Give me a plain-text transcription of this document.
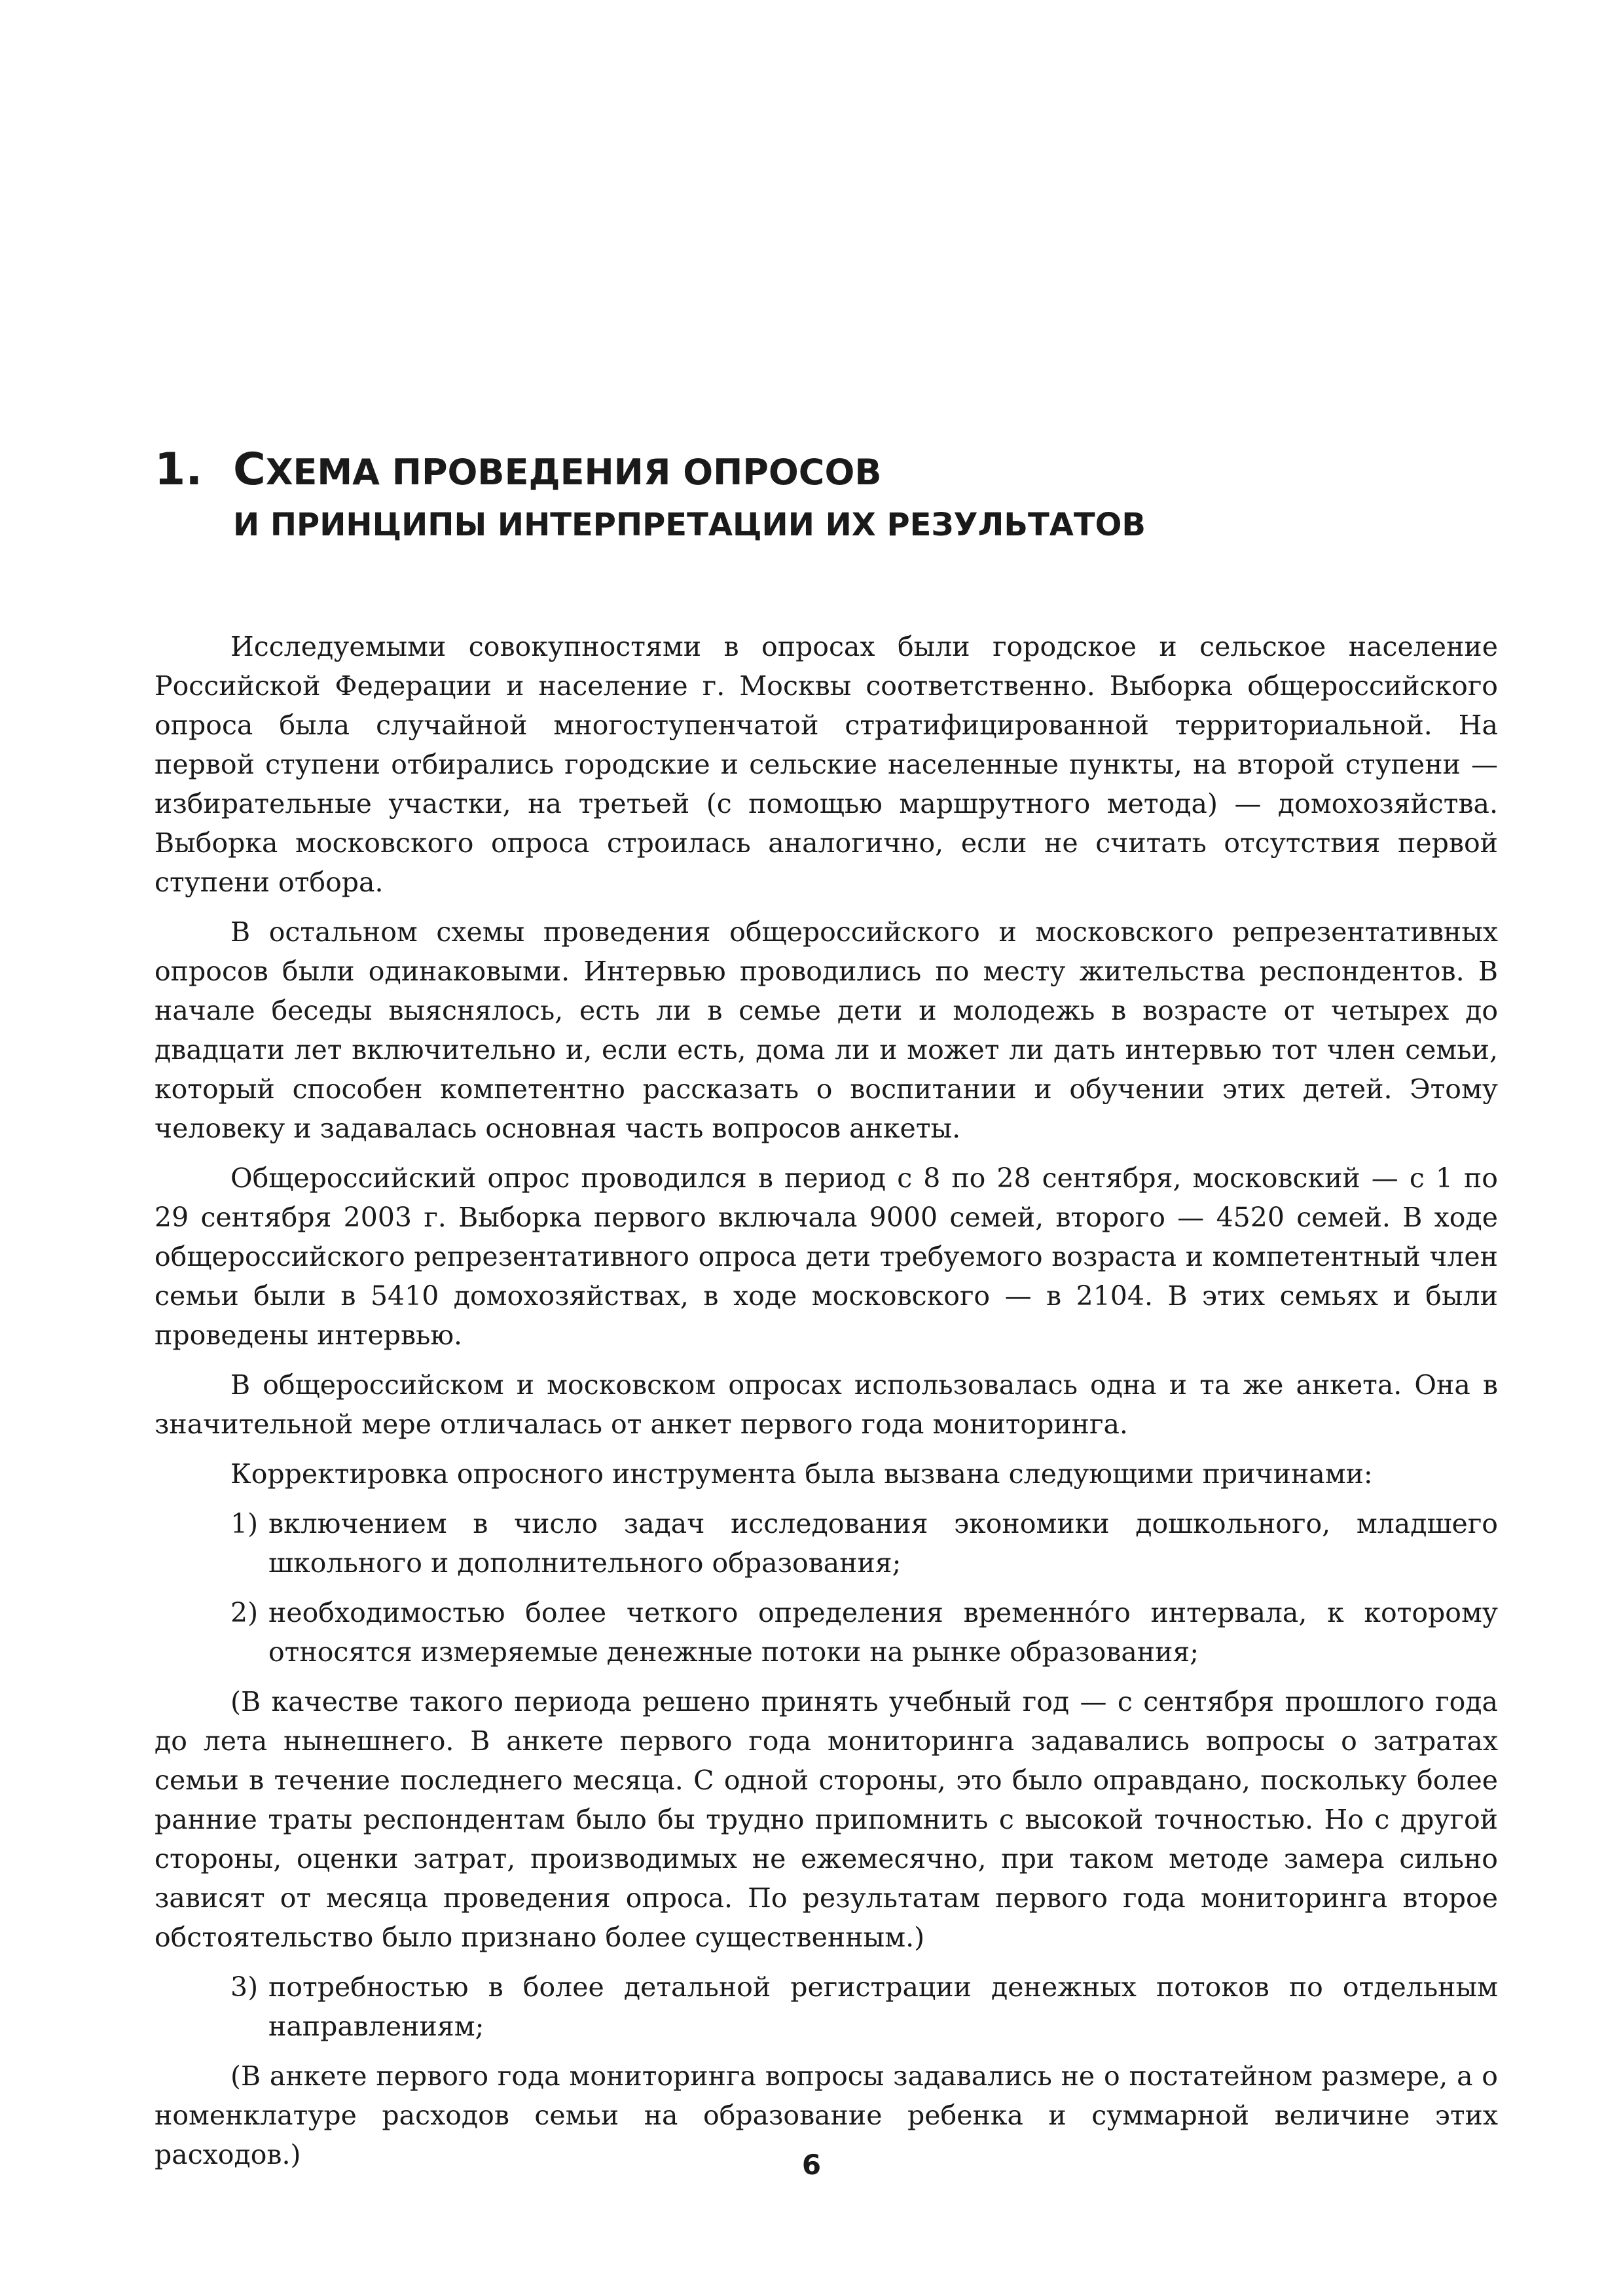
1. СХЕМА ПРОВЕДЕНИЯ ОПРОСОВ
И ПРИНЦИПЫ ИНТЕРПРЕТАЦИИ ИХ РЕЗУЛЬТАТОВ

Исследуемыми совокупностями в опросах были городское и сельское население Российской Федерации и население г. Москвы соответственно. Выборка общероссийского опроса была случайной многоступенчатой стратифицированной территориальной. На первой ступени отбирались городские и сельские населенные пункты, на второй ступени — избирательные участки, на третьей (с помощью маршрутного метода) — домохозяйства. Выборка московского опроса строилась аналогично, если не считать отсутствия первой ступени отбора.

В остальном схемы проведения общероссийского и московского репрезентативных опросов были одинаковыми. Интервью проводились по месту жительства респондентов. В начале беседы выяснялось, есть ли в семье дети и молодежь в возрасте от четырех до двадцати лет включительно и, если есть, дома ли и может ли дать интервью тот член семьи, который способен компетентно рассказать о воспитании и обучении этих детей. Этому человеку и задавалась основная часть вопросов анкеты.

Общероссийский опрос проводился в период с 8 по 28 сентября, московский — с 1 по 29 сентября 2003 г. Выборка первого включала 9000 семей, второго — 4520 семей. В ходе общероссийского репрезентативного опроса дети требуемого возраста и компетентный член семьи были в 5410 домохозяйствах, в ходе московского — в 2104. В этих семьях и были проведены интервью.

В общероссийском и московском опросах использовалась одна и та же анкета. Она в значительной мере отличалась от анкет первого года мониторинга.

Корректировка опросного инструмента была вызвана следующими причинами:

1) включением в число задач исследования экономики дошкольного, младшего школьного и дополнительного образования;
2) необходимостью более четкого определения временнóго интервала, к которому относятся измеряемые денежные потоки на рынке образования;

(В качестве такого периода решено принять учебный год — с сентября прошлого года до лета нынешнего. В анкете первого года мониторинга задавались вопросы о затратах семьи в течение последнего месяца. С одной стороны, это было оправдано, поскольку более ранние траты респондентам было бы трудно припомнить с высокой точностью. Но с другой стороны, оценки затрат, производимых не ежемесячно, при таком методе замера сильно зависят от месяца проведения опроса. По результатам первого года мониторинга второе обстоятельство было признано более существенным.)

3) потребностью в более детальной регистрации денежных потоков по отдельным направлениям;

(В анкете первого года мониторинга вопросы задавались не о постатейном размере, а о номенклатуре расходов семьи на образование ребенка и суммарной величине этих расходов.)	6
